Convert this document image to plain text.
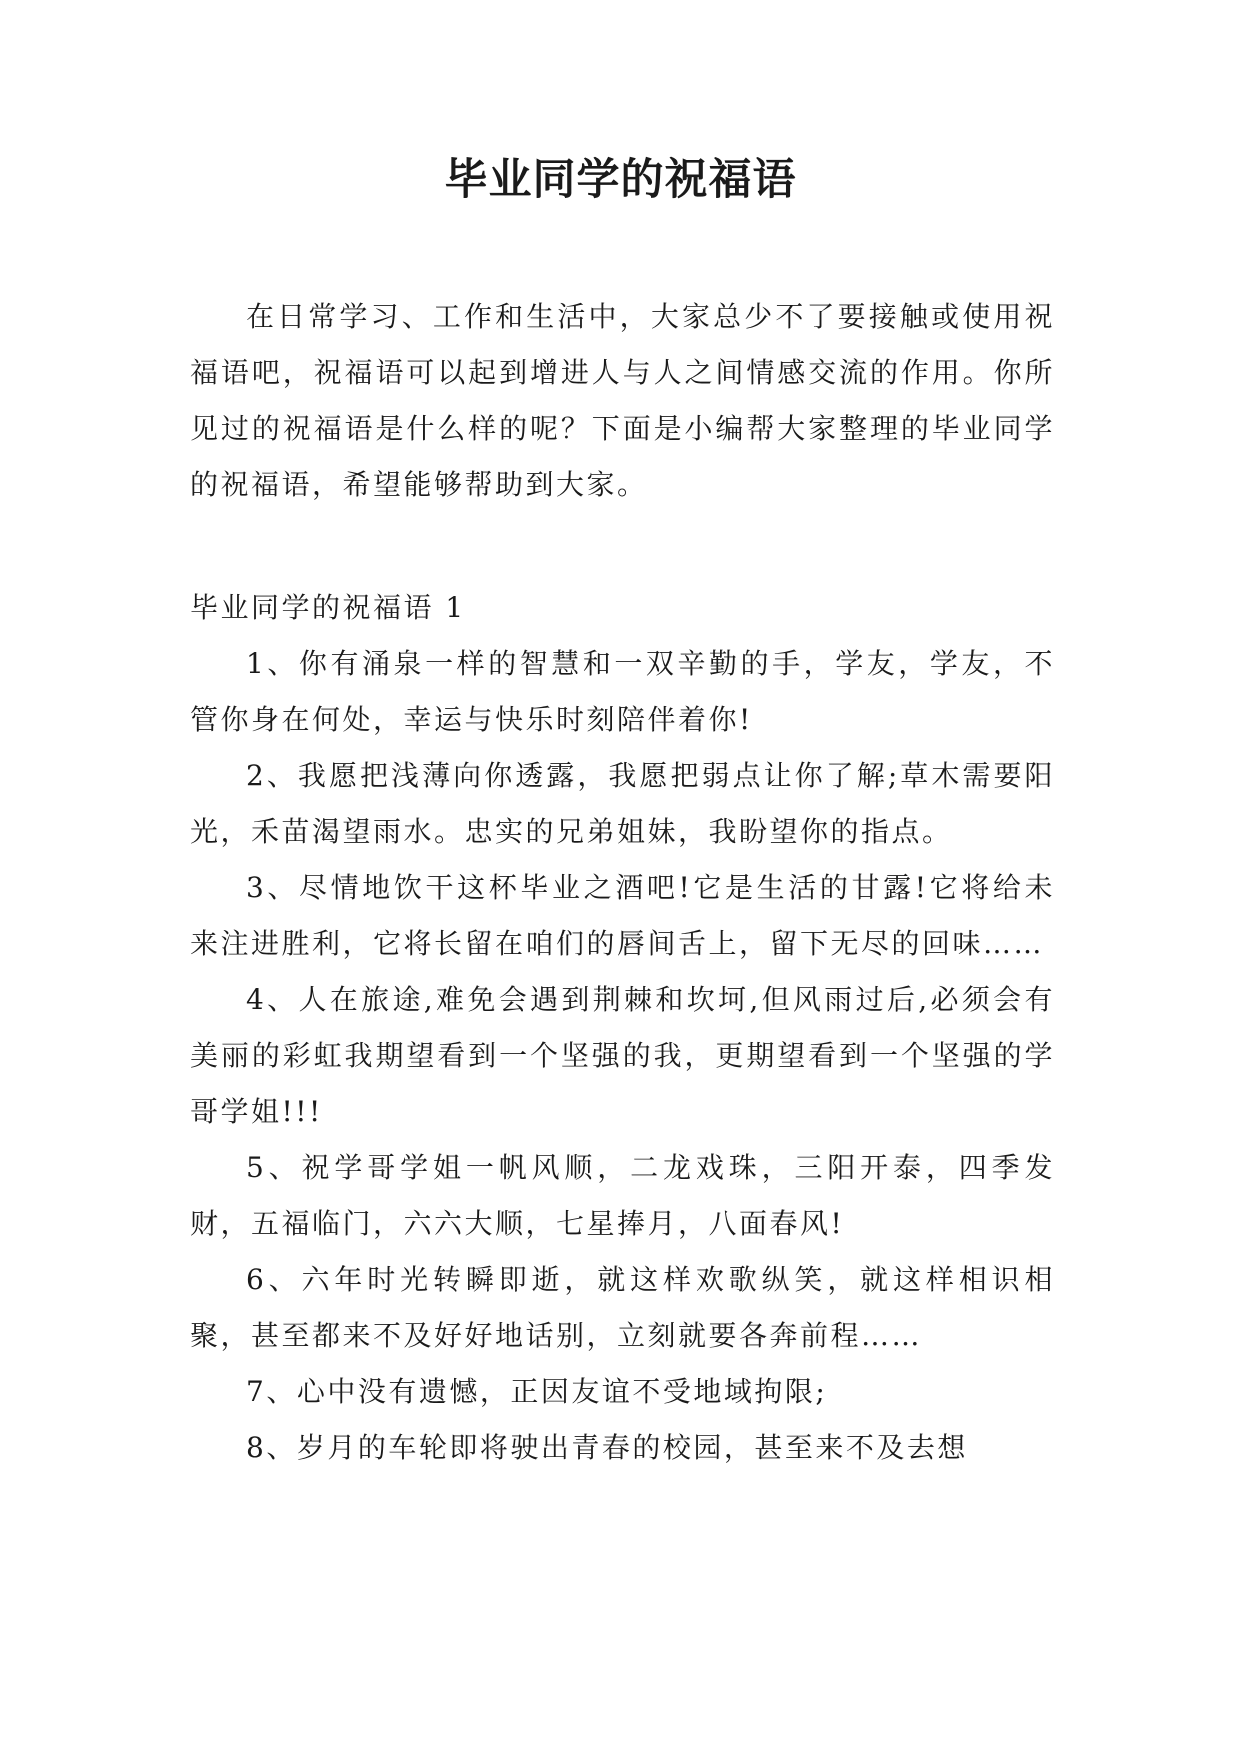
毕业同学的祝福语

在日常学习、工作和生活中，大家总少不了要接触或使用祝福语吧，祝福语可以起到增进人与人之间情感交流的作用。你所见过的祝福语是什么样的呢？下面是小编帮大家整理的毕业同学的祝福语，希望能够帮助到大家。

毕业同学的祝福语 1

1、你有涌泉一样的智慧和一双辛勤的手，学友，学友，不管你身在何处，幸运与快乐时刻陪伴着你!

2、我愿把浅薄向你透露，我愿把弱点让你了解;草木需要阳光，禾苗渴望雨水。忠实的兄弟姐妹，我盼望你的指点。

3、尽情地饮干这杯毕业之酒吧!它是生活的甘露!它将给未来注进胜利，它将长留在咱们的唇间舌上，留下无尽的回味……

4、人在旅途,难免会遇到荆棘和坎坷,但风雨过后,必须会有美丽的彩虹我期望看到一个坚强的我，更期望看到一个坚强的学哥学姐!!!

5、祝学哥学姐一帆风顺，二龙戏珠，三阳开泰，四季发财，五福临门，六六大顺，七星捧月，八面春风!

6、六年时光转瞬即逝，就这样欢歌纵笑，就这样相识相聚，甚至都来不及好好地话别，立刻就要各奔前程……

7、心中没有遗憾，正因友谊不受地域拘限;

8、岁月的车轮即将驶出青春的校园，甚至来不及去想
